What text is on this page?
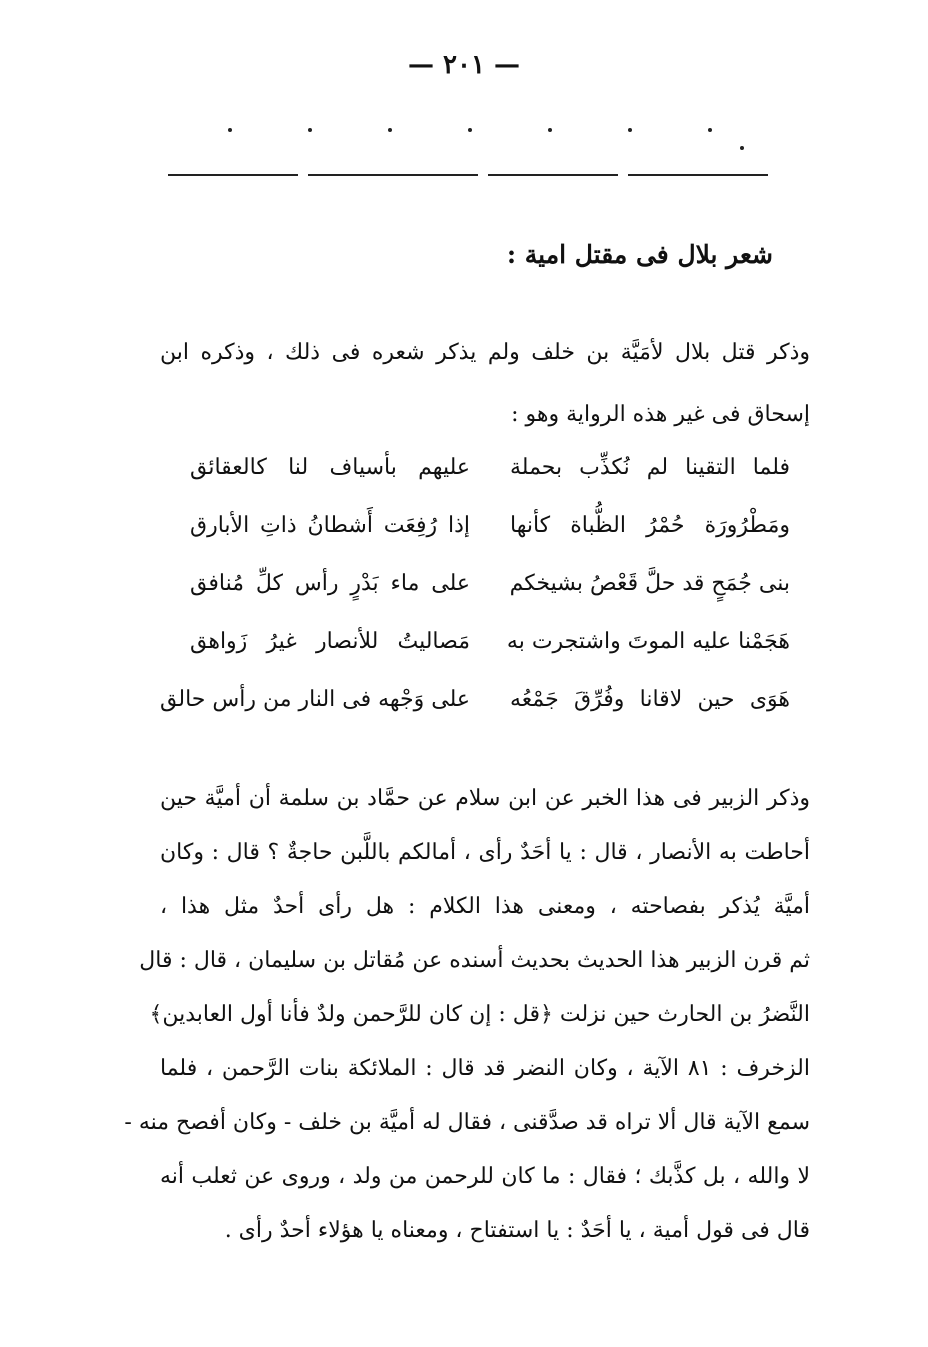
— ٢٠١ —
شعر بلال فى مقتل امية :
وذكر قتل بلال لأمَيَّة بن خلف ولم يذكر شعره فى ذلك ، وذكره ابن
إسحاق فى غير هذه الرواية وهو :
فلما التقينا لم نُكذِّب بحملة
عليهم بأسياف لنا كالعقائق
ومَطْرُورَة حُمْرُ الظُّباة كأنها
إذا رُفِعَت أَشطانُ ذاتِ الأبارق
بنى جُمَحٍ قد حلَّ قَعْصُ بشيخكم
على ماء بَدْرٍ رأس كلِّ مُنافق
هَجَمْنا عليه الموتَ واشتجرت به
مَصاليتُ للأنصار غيرُ زَواهق
هَوَى حين لاقانا وفُرِّقَ جَمْعُه
على وَجْهه فى النار من رأس حالق
وذكر الزبير فى هذا الخبر عن ابن سلام عن حمَّاد بن سلمة أن أميَّة حين
أحاطت به الأنصار ، قال : يا أحَدٌ رأى ، أمالكم باللَّبن حاجةٌ ؟ قال : وكان
أميَّة يُذكر بفصاحته ، ومعنى هذا الكلام : هل رأى أحدٌ مثل هذا ،
ثم قرن الزبير هذا الحديث بحديث أسنده عن مُقاتل بن سليمان ، قال : قال
النَّضرُ بن الحارث حين نزلت ﴿قل : إن كان للرَّحمن ولدٌ فأنا أول العابدين﴾
الزخرف : ٨١ الآية ، وكان النضر قد قال : الملائكة بنات الرَّحمن ، فلما
سمع الآية قال ألا تراه قد صدَّقنى ، فقال له أميَّة بن خلف - وكان أفصح منه -
لا والله ، بل كذَّبك ؛ فقال : ما كان للرحمن من ولد ، وروى عن ثعلب أنه
قال فى قول أمية ، يا أحَدٌ : يا استفتاح ، ومعناه يا هؤلاء أحدٌ رأى .
